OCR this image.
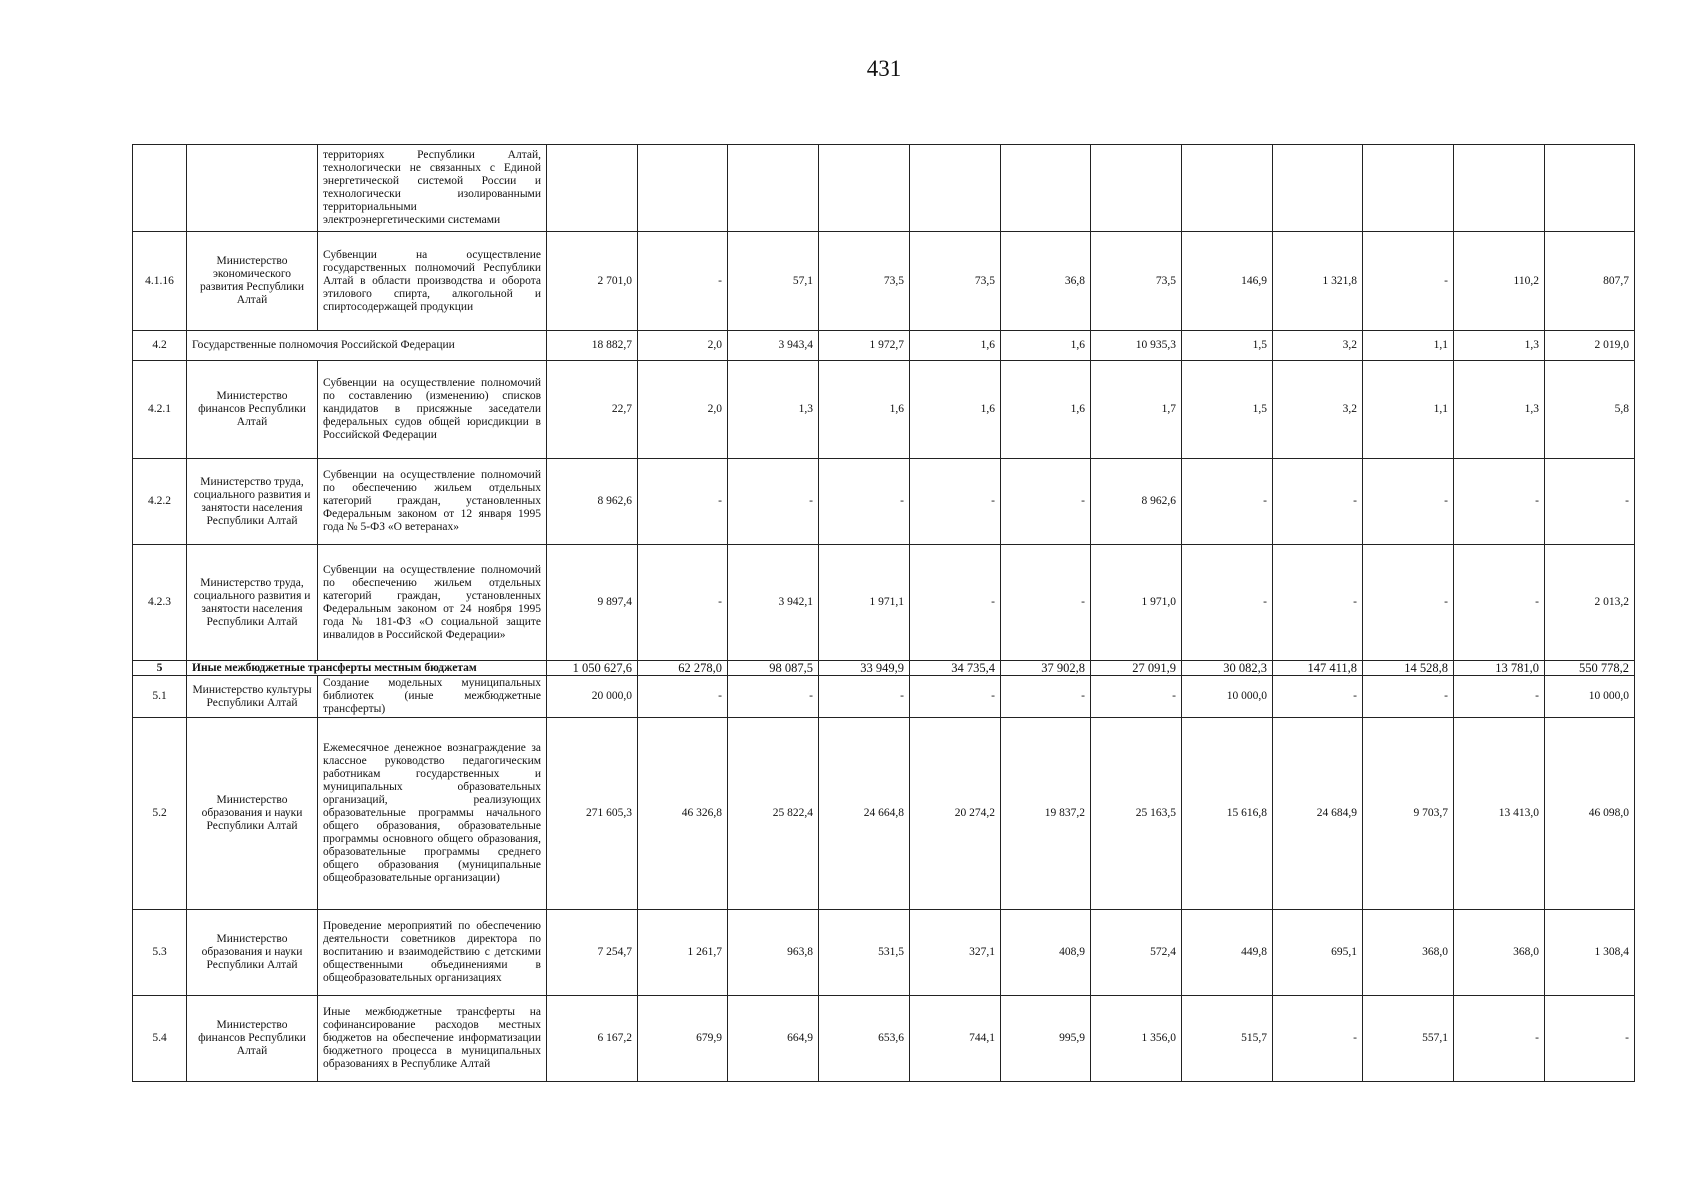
431
		территориях Республики Алтай, технологически не связанных с Единой энергетической системой России и технологически изолированными территориальными электроэнергетическими системами												
4.1.16	Министерство экономического развития Республики Алтай	Субвенции на осуществление государственных полномочий Республики Алтай в области производства и оборота этилового спирта, алкогольной и спиртосодержащей продукции	2 701,0	-	57,1	73,5	73,5	36,8	73,5	146,9	1 321,8	-	110,2	807,7
4.2	Государственные полномочия Российской Федерации		18 882,7	2,0	3 943,4	1 972,7	1,6	1,6	10 935,3	1,5	3,2	1,1	1,3	2 019,0
4.2.1	Министерство финансов Республики Алтай	Субвенции на осуществление полномочий по составлению (изменению) списков кандидатов в присяжные заседатели федеральных судов общей юрисдикции в Российской Федерации	22,7	2,0	1,3	1,6	1,6	1,6	1,7	1,5	3,2	1,1	1,3	5,8
4.2.2	Министерство труда, социального развития и занятости населения Республики Алтай	Субвенции на осуществление полномочий по обеспечению жильем отдельных категорий граждан, установленных Федеральным законом от 12 января 1995 года № 5-ФЗ «О ветеранах»	8 962,6	-	-	-	-	-	8 962,6	-	-	-	-	-
4.2.3	Министерство труда, социального развития и занятости населения Республики Алтай	Субвенции на осуществление полномочий по обеспечению жильем отдельных категорий граждан, установленных Федеральным законом от 24 ноября 1995 года № 181-ФЗ «О социальной защите инвалидов в Российской Федерации»	9 897,4	-	3 942,1	1 971,1	-	-	1 971,0	-	-	-	-	2 013,2
5	Иные межбюджетные трансферты местным бюджетам		1 050 627,6	62 278,0	98 087,5	33 949,9	34 735,4	37 902,8	27 091,9	30 082,3	147 411,8	14 528,8	13 781,0	550 778,2
5.1	Министерство культуры Республики Алтай	Создание модельных муниципальных библиотек (иные межбюджетные трансферты)	20 000,0	-	-	-	-	-	-	10 000,0	-	-	-	10 000,0
5.2	Министерство образования и науки Республики Алтай	Ежемесячное денежное вознаграждение за классное руководство педагогическим работникам государственных и муниципальных образовательных организаций, реализующих образовательные программы начального общего образования, образовательные программы основного общего образования, образовательные программы среднего общего образования (муниципальные общеобразовательные организации)	271 605,3	46 326,8	25 822,4	24 664,8	20 274,2	19 837,2	25 163,5	15 616,8	24 684,9	9 703,7	13 413,0	46 098,0
5.3	Министерство образования и науки Республики Алтай	Проведение мероприятий по обеспечению деятельности советников директора по воспитанию и взаимодействию с детскими общественными объединениями в общеобразовательных организациях	7 254,7	1 261,7	963,8	531,5	327,1	408,9	572,4	449,8	695,1	368,0	368,0	1 308,4
5.4	Министерство финансов Республики Алтай	Иные межбюджетные трансферты на софинансирование расходов местных бюджетов на обеспечение информатизации бюджетного процесса в муниципальных образованиях в Республике Алтай	6 167,2	679,9	664,9	653,6	744,1	995,9	1 356,0	515,7	-	557,1	-	-
